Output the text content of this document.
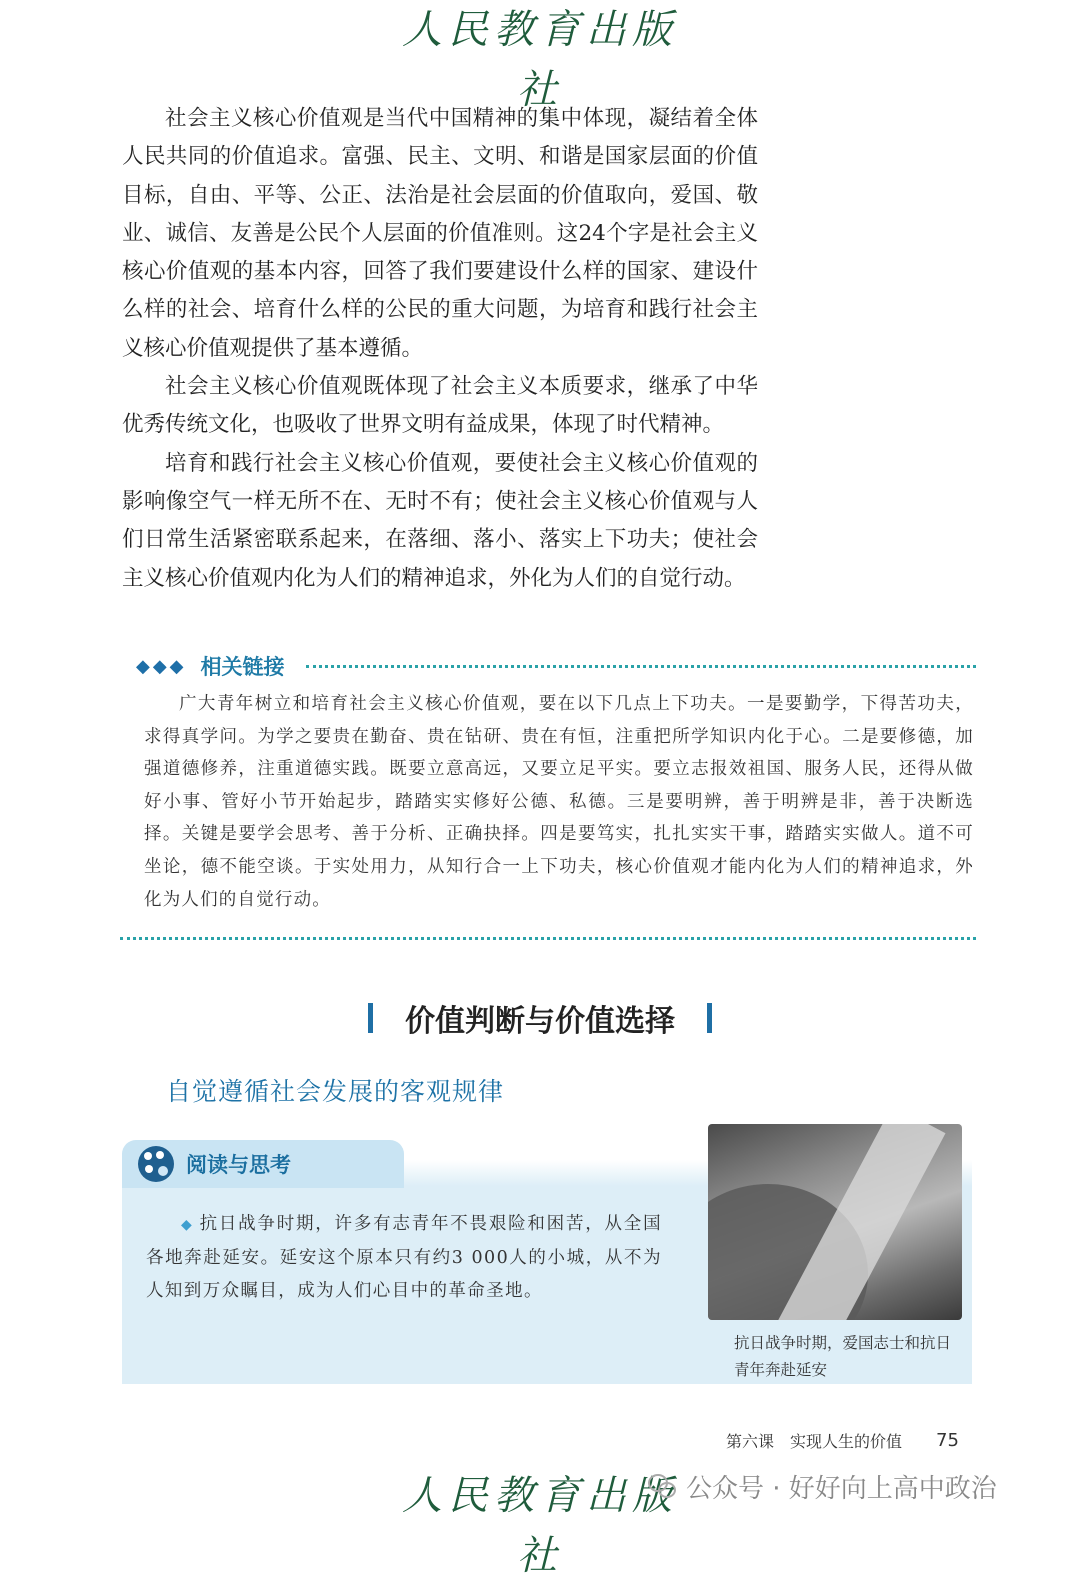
人民教育出版社

社会主义核心价值观是当代中国精神的集中体现，凝结着全体人民共同的价值追求。富强、民主、文明、和谐是国家层面的价值目标，自由、平等、公正、法治是社会层面的价值取向，爱国、敬业、诚信、友善是公民个人层面的价值准则。这24个字是社会主义核心价值观的基本内容，回答了我们要建设什么样的国家、建设什么样的社会、培育什么样的公民的重大问题，为培育和践行社会主义核心价值观提供了基本遵循。

社会主义核心价值观既体现了社会主义本质要求，继承了中华优秀传统文化，也吸收了世界文明有益成果，体现了时代精神。

培育和践行社会主义核心价值观，要使社会主义核心价值观的影响像空气一样无所不在、无时不有；使社会主义核心价值观与人们日常生活紧密联系起来，在落细、落小、落实上下功夫；使社会主义核心价值观内化为人们的精神追求，外化为人们的自觉行动。

◆◆◆ 相关链接

广大青年树立和培育社会主义核心价值观，要在以下几点上下功夫。一是要勤学，下得苦功夫，求得真学问。为学之要贵在勤奋、贵在钻研、贵在有恒，注重把所学知识内化于心。二是要修德，加强道德修养，注重道德实践。既要立意高远，又要立足平实。要立志报效祖国、服务人民，还得从做好小事、管好小节开始起步，踏踏实实修好公德、私德。三是要明辨，善于明辨是非，善于决断选择。关键是要学会思考、善于分析、正确抉择。四是要笃实，扎扎实实干事，踏踏实实做人。道不可坐论，德不能空谈。于实处用力，从知行合一上下功夫，核心价值观才能内化为人们的精神追求，外化为人们的自觉行动。

价值判断与价值选择
自觉遵循社会发展的客观规律
阅读与思考

◆ 抗日战争时期，许多有志青年不畏艰险和困苦，从全国各地奔赴延安。延安这个原本只有约3 000人的小城，从不为人知到万众瞩目，成为人们心目中的革命圣地。

抗日战争时期，爱国志士和抗日青年奔赴延安
第六课　实现人生的价值 75
人民教育出版社
公众号 · 好好向上高中政治
